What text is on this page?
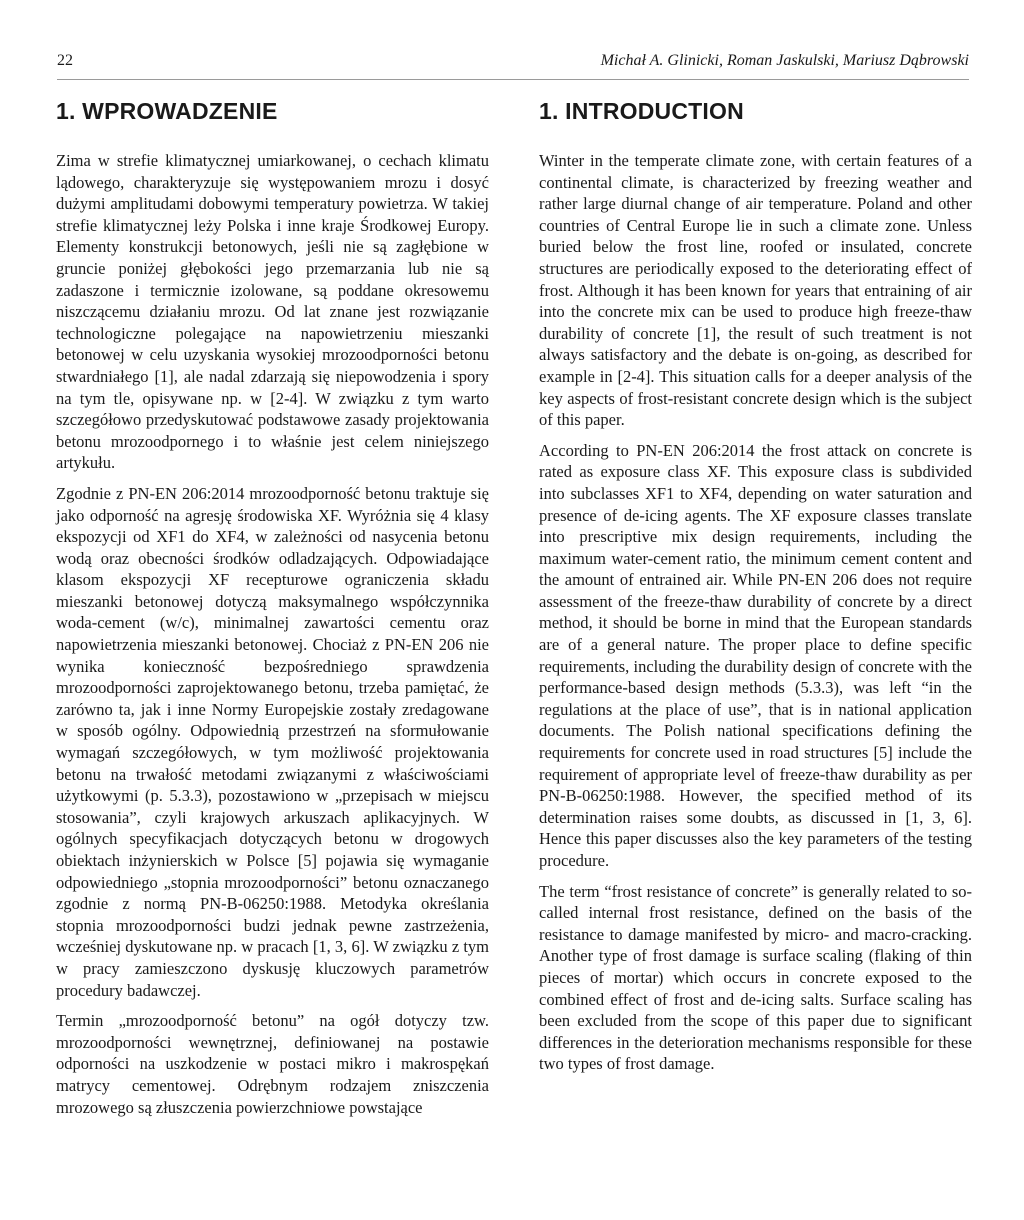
22	Michał A. Glinicki, Roman Jaskulski, Mariusz Dąbrowski
1. WPROWADZENIE

Zima w strefie klimatycznej umiarkowanej, o cechach klimatu lądowego, charakteryzuje się występowaniem mrozu i dosyć dużymi amplitudami dobowymi temperatury powietrza. W takiej strefie klimatycznej leży Polska i inne kraje Środkowej Europy. Elementy konstrukcji betonowych, jeśli nie są zagłębione w gruncie poniżej głębokości jego przemarzania lub nie są zadaszone i termicznie izolowane, są poddane okresowemu niszczącemu działaniu mrozu. Od lat znane jest rozwiązanie technologiczne polegające na napowietrzeniu mieszanki betonowej w celu uzyskania wysokiej mrozoodporności betonu stwardniałego [1], ale nadal zdarzają się niepowodzenia i spory na tym tle, opisywane np. w [2-4]. W związku z tym warto szczegółowo przedyskutować podstawowe zasady projektowania betonu mrozoodpornego i to właśnie jest celem niniejszego artykułu.

Zgodnie z PN-EN 206:2014 mrozoodporność betonu traktuje się jako odporność na agresję środowiska XF. Wyróżnia się 4 klasy ekspozycji od XF1 do XF4, w zależności od nasycenia betonu wodą oraz obecności środków odladzających. Odpowiadające klasom ekspozycji XF recepturowe ograniczenia składu mieszanki betonowej dotyczą maksymalnego współczynnika woda-cement (w/c), minimalnej zawartości cementu oraz napowietrzenia mieszanki betonowej. Chociaż z PN-EN 206 nie wynika konieczność bezpośredniego sprawdzenia mrozoodporności zaprojektowanego betonu, trzeba pamiętać, że zarówno ta, jak i inne Normy Europejskie zostały zredagowane w sposób ogólny. Odpowiednią przestrzeń na sformułowanie wymagań szczegółowych, w tym możliwość projektowania betonu na trwałość metodami związanymi z właściwościami użytkowymi (p. 5.3.3), pozostawiono w „przepisach w miejscu stosowania”, czyli krajowych arkuszach aplikacyjnych. W ogólnych specyfikacjach dotyczących betonu w drogowych obiektach inżynierskich w Polsce [5] pojawia się wymaganie odpowiedniego „stopnia mrozoodporności” betonu oznaczanego zgodnie z normą PN-B-06250:1988. Metodyka określania stopnia mrozoodporności budzi jednak pewne zastrzeżenia, wcześniej dyskutowane np. w pracach [1, 3, 6]. W związku z tym w pracy zamieszczono dyskusję kluczowych parametrów procedury badawczej.

Termin „mrozoodporność betonu” na ogół dotyczy tzw. mrozoodporności wewnętrznej, definiowanej na postawie odporności na uszkodzenie w postaci mikro i makrospękań matrycy cementowej. Odrębnym rodzajem zniszczenia mrozowego są złuszczenia powierzchniowe powstające

1. INTRODUCTION

Winter in the temperate climate zone, with certain features of a continental climate, is characterized by freezing weather and rather large diurnal change of air temperature. Poland and other countries of Central Europe lie in such a climate zone. Unless buried below the frost line, roofed or insulated, concrete structures are periodically exposed to the deteriorating effect of frost. Although it has been known for years that entraining of air into the concrete mix can be used to produce high freeze-thaw durability of concrete [1], the result of such treatment is not always satisfactory and the debate is on-going, as described for example in [2-4]. This situation calls for a deeper analysis of the key aspects of frost-resistant concrete design which is the subject of this paper.

According to PN-EN 206:2014 the frost attack on concrete is rated as exposure class XF. This exposure class is subdivided into subclasses XF1 to XF4, depending on water saturation and presence of de-icing agents. The XF exposure classes translate into prescriptive mix design requirements, including the maximum water-cement ratio, the minimum cement content and the amount of entrained air. While PN-EN 206 does not require assessment of the freeze-thaw durability of concrete by a direct method, it should be borne in mind that the European standards are of a general nature. The proper place to define specific requirements, including the durability design of concrete with the performance-based design methods (5.3.3), was left “in the regulations at the place of use”, that is in national application documents. The Polish national specifications defining the requirements for concrete used in road structures [5] include the requirement of appropriate level of freeze-thaw durability as per PN-B-06250:1988. However, the specified method of its determination raises some doubts, as discussed in [1, 3, 6]. Hence this paper discusses also the key parameters of the testing procedure.

The term “frost resistance of concrete” is generally related to so-called internal frost resistance, defined on the basis of the resistance to damage manifested by micro- and macro-cracking. Another type of frost damage is surface scaling (flaking of thin pieces of mortar) which occurs in concrete exposed to the combined effect of frost and de-icing salts. Surface scaling has been excluded from the scope of this paper due to significant differences in the deterioration mechanisms responsible for these two types of frost damage.
